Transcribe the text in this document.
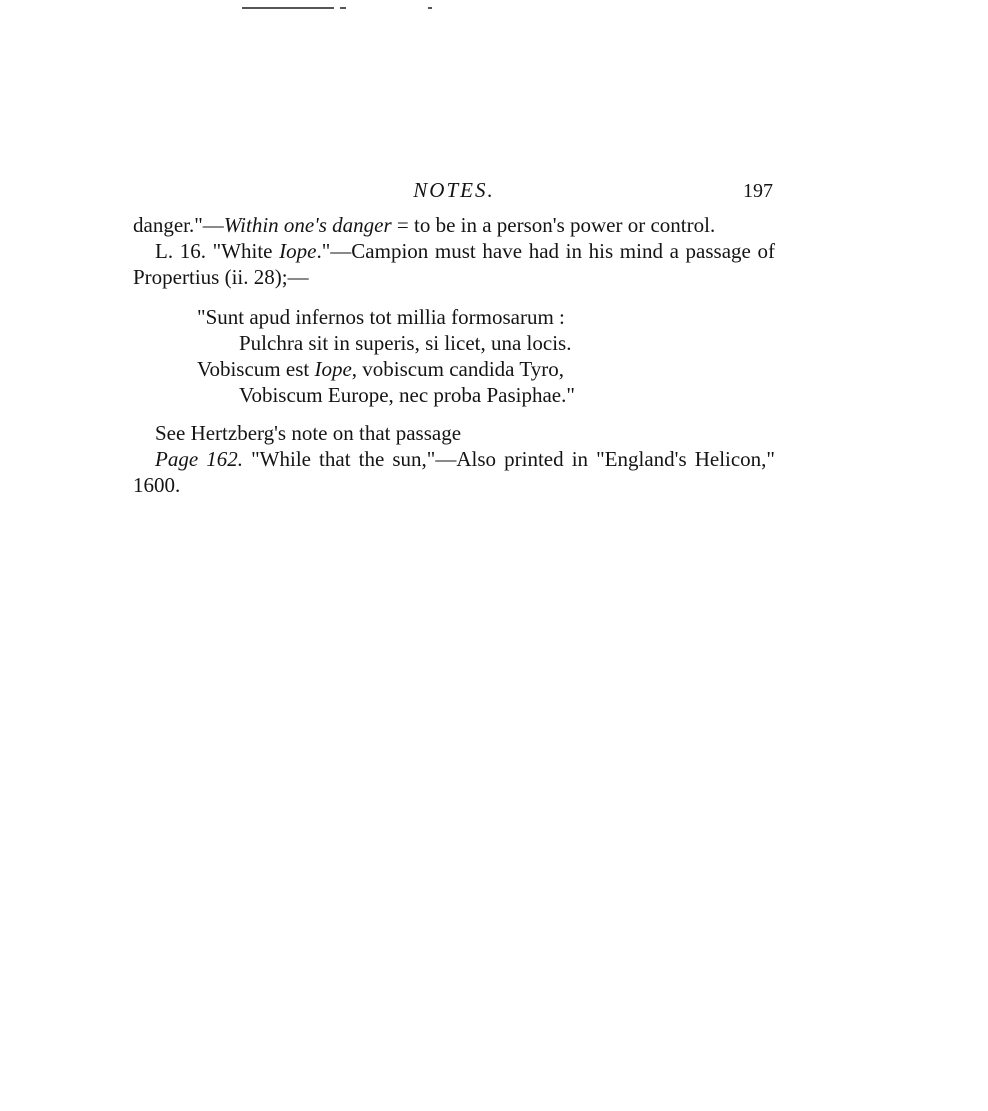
NOTES.	197

danger."—Within one's danger = to be in a person's power or control.

L. 16. "White Iope."—Campion must have had in his mind a passage of Propertius (ii. 28);—

"Sunt apud infernos tot millia formosarum :
Pulchra sit in superis, si licet, una locis.
Vobiscum est Iope, vobiscum candida Tyro,
Vobiscum Europe, nec proba Pasiphae."

See Hertzberg's note on that passage

Page 162. "While that the sun,"—Also printed in "England's Helicon," 1600.
